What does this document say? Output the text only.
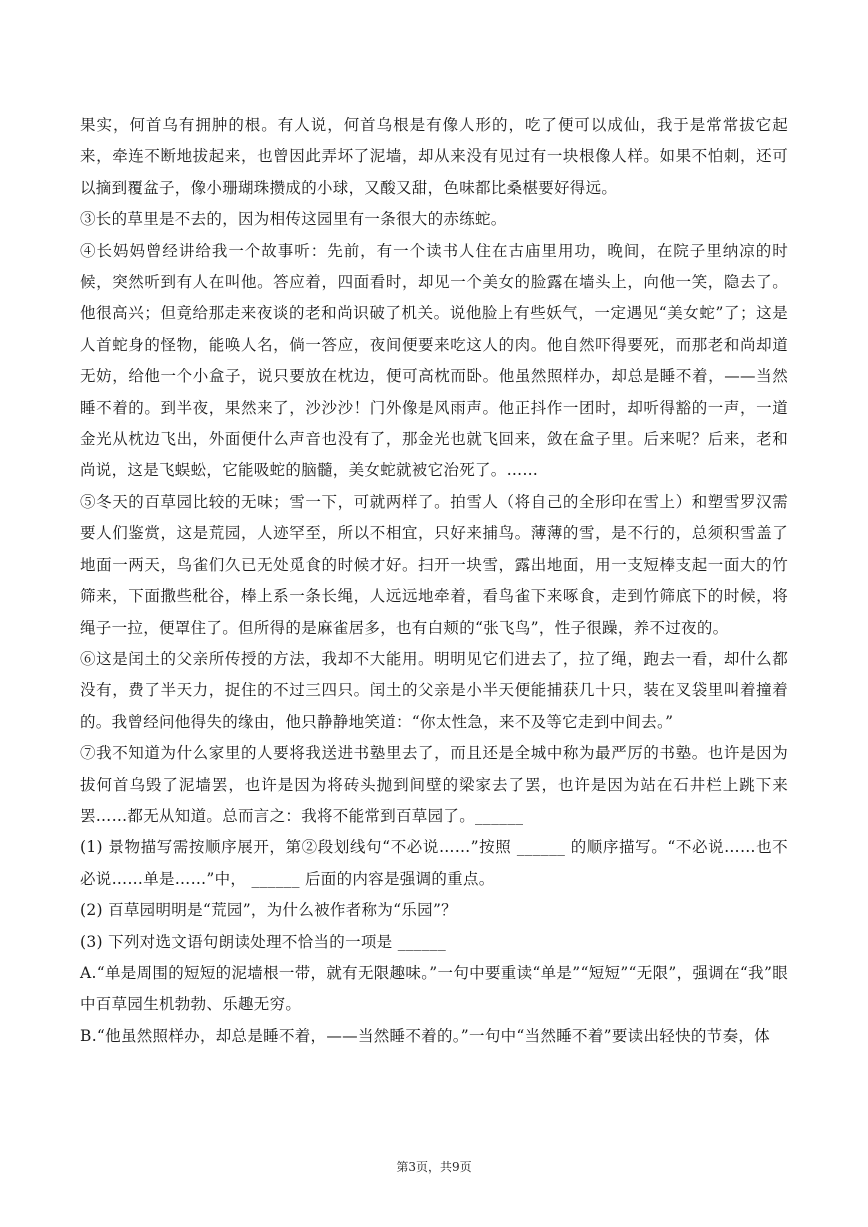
果实，何首乌有拥肿的根。有人说，何首乌根是有像人形的，吃了便可以成仙，我于是常常拔它起来，牵连不断地拔起来，也曾因此弄坏了泥墙，却从来没有见过有一块根像人样。如果不怕刺，还可以摘到覆盆子，像小珊瑚珠攒成的小球，又酸又甜，色味都比桑椹要好得远。

③长的草里是不去的，因为相传这园里有一条很大的赤练蛇。

④长妈妈曾经讲给我一个故事听：先前，有一个读书人住在古庙里用功，晚间，在院子里纳凉的时候，突然听到有人在叫他。答应着，四面看时，却见一个美女的脸露在墙头上，向他一笑，隐去了。他很高兴；但竟给那走来夜谈的老和尚识破了机关。说他脸上有些妖气，一定遇见“美女蛇”了；这是人首蛇身的怪物，能唤人名，倘一答应，夜间便要来吃这人的肉。他自然吓得要死，而那老和尚却道无妨，给他一个小盒子，说只要放在枕边，便可高枕而卧。他虽然照样办，却总是睡不着，——当然睡不着的。到半夜，果然来了，沙沙沙！门外像是风雨声。他正抖作一团时，却听得豁的一声，一道金光从枕边飞出，外面便什么声音也没有了，那金光也就飞回来，敛在盒子里。后来呢？后来，老和尚说，这是飞蜈蚣，它能吸蛇的脑髓，美女蛇就被它治死了。……

⑤冬天的百草园比较的无味；雪一下，可就两样了。拍雪人（将自己的全形印在雪上）和塑雪罗汉需要人们鉴赏，这是荒园，人迹罕至，所以不相宜，只好来捕鸟。薄薄的雪，是不行的，总须积雪盖了地面一两天，鸟雀们久已无处觅食的时候才好。扫开一块雪，露出地面，用一支短棒支起一面大的竹筛来，下面撒些秕谷，棒上系一条长绳，人远远地牵着，看鸟雀下来啄食，走到竹筛底下的时候，将绳子一拉，便罩住了。但所得的是麻雀居多，也有白颊的“张飞鸟”，性子很躁，养不过夜的。

⑥这是闰土的父亲所传授的方法，我却不大能用。明明见它们进去了，拉了绳，跑去一看，却什么都没有，费了半天力，捉住的不过三四只。闰土的父亲是小半天便能捕获几十只，装在叉袋里叫着撞着的。我曾经问他得失的缘由，他只静静地笑道：“你太性急，来不及等它走到中间去。”

⑦我不知道为什么家里的人要将我送进书塾里去了，而且还是全城中称为最严厉的书塾。也许是因为拔何首乌毁了泥墙罢，也许是因为将砖头抛到间壁的梁家去了罢，也许是因为站在石井栏上跳下来罢……都无从知道。总而言之：我将不能常到百草园了。______

(1) 景物描写需按顺序展开，第②段划线句“不必说……”按照 ______ 的顺序描写。“不必说……也不必说……单是……”中， ______ 后面的内容是强调的重点。

(2) 百草园明明是“荒园”，为什么被作者称为“乐园”？

(3) 下列对选文语句朗读处理不恰当的一项是 ______

A.“单是周围的短短的泥墙根一带，就有无限趣味。”一句中要重读“单是”“短短”“无限”，强调在“我”眼中百草园生机勃勃、乐趣无穷。

B.“他虽然照样办，却总是睡不着，——当然睡不着的。”一句中“当然睡不着”要读出轻快的节奏，体

第3页，共9页
